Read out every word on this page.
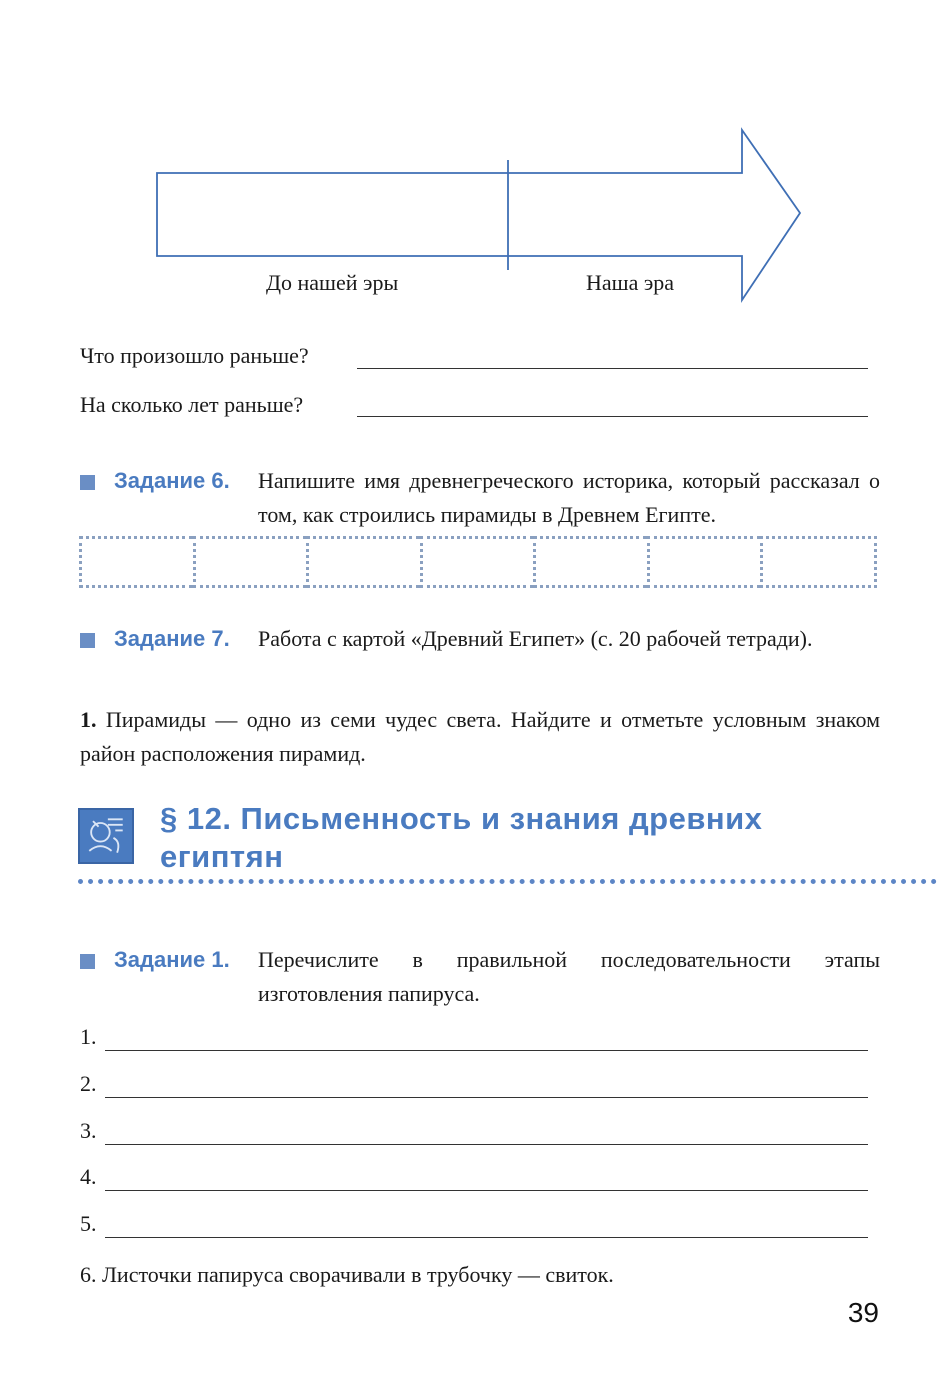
До нашей эры	Наша эра
Что произошло раньше?
На сколько лет раньше?
Задание 6. Напишите имя древнегреческого историка, который рассказал о том, как строились пирамиды в Древнем Египте.
Задание 7. Работа с картой «Древний Египет» (с. 20 рабочей тетради).
1. Пирамиды — одно из семи чудес света. Найдите и отметьте условным знаком район расположения пирамид.
§ 12. Письменность и знания древних
египтян
Задание 1. Перечислите в правильной последовательности этапы изготовления папируса.
1.
2.
3.
4.
5.
6. Листочки папируса сворачивали в трубочку — свиток.
39
